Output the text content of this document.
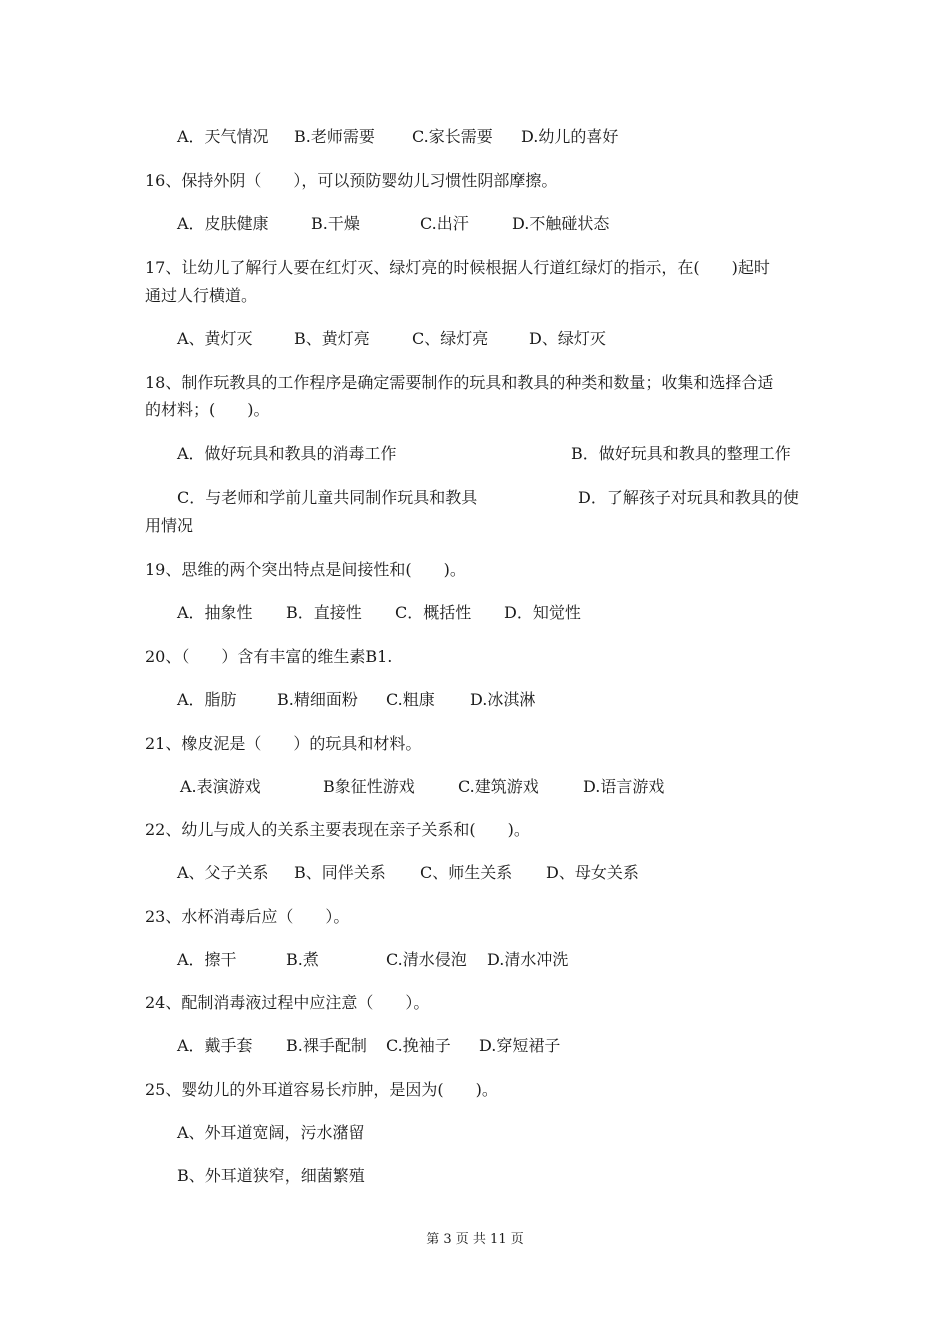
A．天气情况 B.老师需要 C.家长需要 D.幼儿的喜好
16、保持外阴（　　），可以预防婴幼儿习惯性阴部摩擦。
A．皮肤健康	B.干燥	C.出汗	D.不触碰状态
17、让幼儿了解行人要在红灯灭、绿灯亮的时候根据人行道红绿灯的指示，在(　　)起时
通过人行横道。
A、黄灯灭	B、黄灯亮	C、绿灯亮	D、绿灯灭
18、制作玩教具的工作程序是确定需要制作的玩具和教具的种类和数量；收集和选择合适
的材料；(　　)。
A．做好玩具和教具的消毒工作	B．做好玩具和教具的整理工作
C．与老师和学前儿童共同制作玩具和教具	D．了解孩子对玩具和教具的使
用情况
19、思维的两个突出特点是间接性和(　　)。
A．抽象性 B．直接性 C．概括性 D．知觉性
20、（　　）含有丰富的维生素B1.
A．脂肪	B.精细面粉 C.粗康 D.冰淇淋
21、橡皮泥是（　　）的玩具和材料。
A.表演游戏	B象征性游戏	C.建筑游戏	D.语言游戏
22、幼儿与成人的关系主要表现在亲子关系和(　　)。
A、父子关系 B、同伴关系 C、师生关系 D、母女关系
23、水杯消毒后应（　　）。
A．擦干	B.煮	C.清水侵泡 D.清水冲洗
24、配制消毒液过程中应注意（　　）。
A．戴手套 B.裸手配制 C.挽袖子 D.穿短裙子
25、婴幼儿的外耳道容易长疖肿，是因为(　　)。
A、外耳道宽阔，污水潴留
B、外耳道狭窄，细菌繁殖
第 3 页 共 11 页
